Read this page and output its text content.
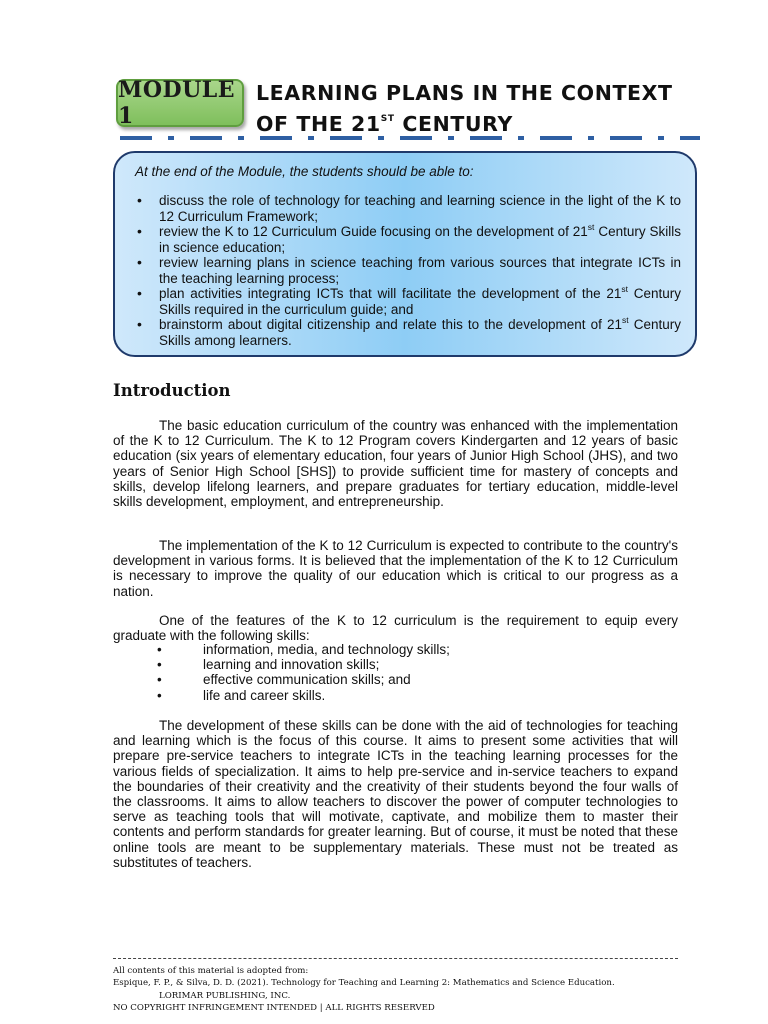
MODULE 1
LEARNING PLANS IN THE CONTEXT
OF THE 21ST CENTURY
At the end of the Module, the students should be able to:
• discuss the role of technology for teaching and learning science in the light of the K to 12 Curriculum Framework;
• review the K to 12 Curriculum Guide focusing on the development of 21st Century Skills in science education;
• review learning plans in science teaching from various sources that integrate ICTs in the teaching learning process;
• plan activities integrating ICTs that will facilitate the development of the 21st Century Skills required in the curriculum guide; and
• brainstorm about digital citizenship and relate this to the development of 21st Century Skills among learners.
Introduction

The basic education curriculum of the country was enhanced with the implementation of the K to 12 Curriculum. The K to 12 Program covers Kindergarten and 12 years of basic education (six years of elementary education, four years of Junior High School (JHS), and two years of Senior High School [SHS]) to provide sufficient time for mastery of concepts and skills, develop lifelong learners, and prepare graduates for tertiary education, middle-level skills development, employment, and entrepreneurship.

The implementation of the K to 12 Curriculum is expected to contribute to the country's development in various forms. It is believed that the implementation of the K to 12 Curriculum is necessary to improve the quality of our education which is critical to our progress as a nation.

One of the features of the K to 12 curriculum is the requirement to equip every graduate with the following skills:

• information, media, and technology skills;
• learning and innovation skills;
• effective communication skills; and
• life and career skills.

The development of these skills can be done with the aid of technologies for teaching and learning which is the focus of this course. It aims to present some activities that will prepare pre-service teachers to integrate ICTs in the teaching learning processes for the various fields of specialization. It aims to help pre-service and in-service teachers to expand the boundaries of their creativity and the creativity of their students beyond the four walls of the classrooms. It aims to allow teachers to discover the power of computer technologies to serve as teaching tools that will motivate, captivate, and mobilize them to master their contents and perform standards for greater learning. But of course, it must be noted that these online tools are meant to be supplementary materials. These must not be treated as substitutes of teachers.

All contents of this material is adopted from:
Espique, F. P., & Silva, D. D. (2021). Technology for Teaching and Learning 2: Mathematics and Science Education.
LORIMAR PUBLISHING, INC.
NO COPYRIGHT INFRINGEMENT INTENDED | ALL RIGHTS RESERVED
